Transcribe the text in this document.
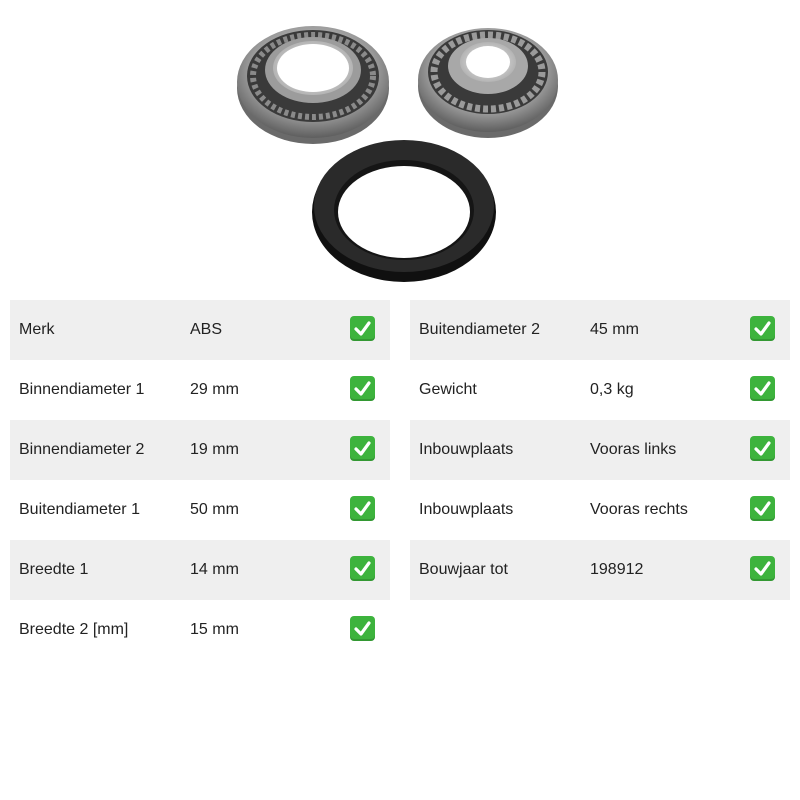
Merk	ABS
Binnendiameter 1	29 mm
Binnendiameter 2	19 mm
Buitendiameter 1	50 mm
Breedte 1	14 mm
Breedte 2 [mm]	15 mm
Buitendiameter 2	45 mm
Gewicht	0,3 kg
Inbouwplaats	Vooras links
Inbouwplaats	Vooras rechts
Bouwjaar tot	198912
